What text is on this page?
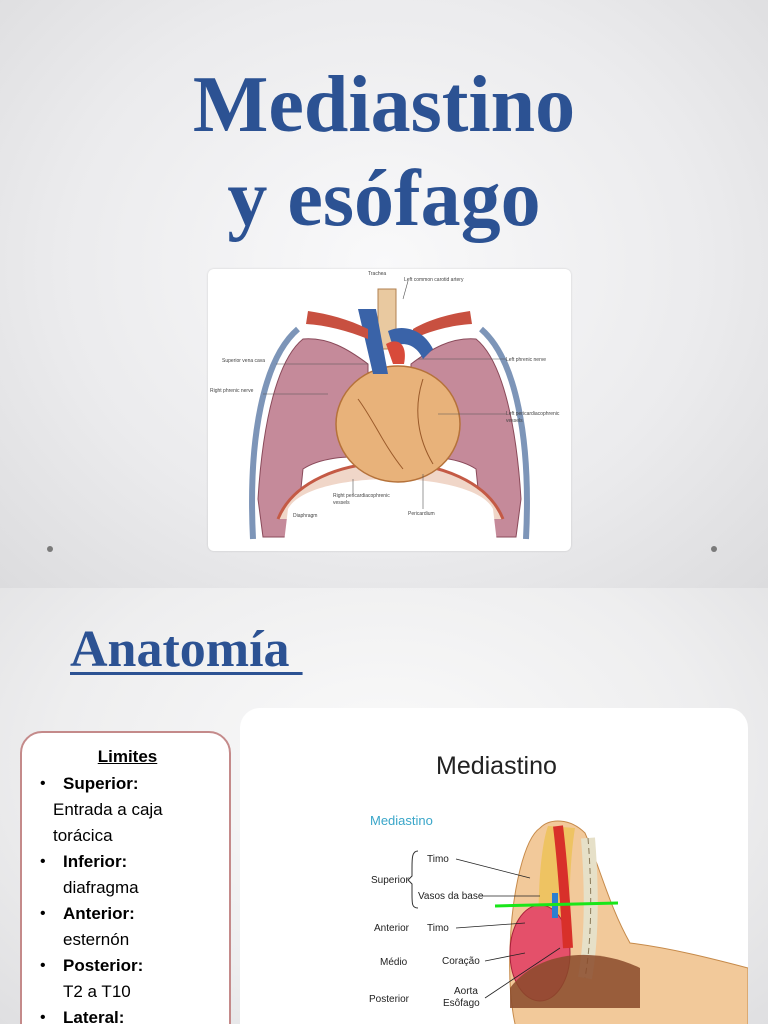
Mediastino
y esófago
Trachea
Left common carotid artery
Superior vena cava
Right phrenic nerve
Left phrenic nerve
Left pericardiacophrenic
vessels
Right pericardiacophrenic
vessels
Diaphragm	Pericardium
Anatomía

Limites

• Superior:
Entrada a caja torácica
• Inferior:
diafragma
• Anterior:
esternón
• Posterior:
T2 a T10
• Lateral:
Mediastino
Mediastino
Superior
Anterior
Médio
Posterior
Timo
Vasos da base
Timo
Coração
Aorta
Esôfago
